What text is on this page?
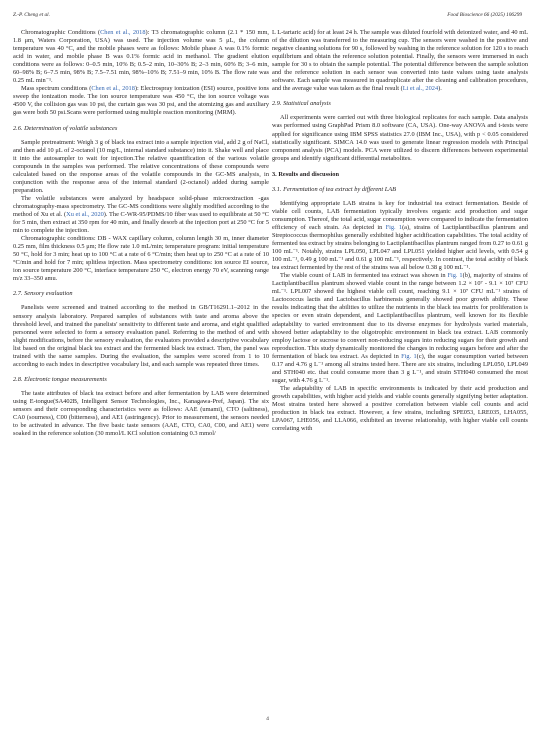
Z.-P. Cheng et al.	Food Bioscience 66 (2025) 106299

Chromatographic Conditions (Chen et al., 2018): T3 chromatographic column (2.1 * 150 mm, 1.8 μm, Waters Corporation, USA) was used. The injection volume was 5 μL, the column temperature was 40 °C, and the mobile phases were as follows: Mobile phase A was 0.1% formic acid in water, and mobile phase B was 0.1% formic acid in methanol. The gradient elution conditions were as follows: 0–0.5 min, 10% B; 0.5–2 min, 10–30% B; 2–3 min, 60% B; 3–6 min, 60–98% B; 6–7.5 min, 98% B; 7.5–7.51 min, 98%–10% B; 7.51–9 min, 10% B. The flow rate was 0.25 mL min⁻¹.

Mass spectrum conditions (Chen et al., 2018): Electrospray ionization (ESI) source, positive ions sweep the ionization mode. The ion source temperature was 450 °C, the ion source voltage was 4500 V, the collision gas was 10 psi, the curtain gas was 30 psi, and the atomizing gas and auxiliary gas were both 50 psi.Scans were performed using multiple reaction monitoring (MRM).

2.6. Determination of volatile substances

Sample pretreatment: Weigh 3 g of black tea extract into a sample injection vial, add 2 g of NaCl, and then add 10 μL of 2-octanol (10 mg/L, internal standard substance) into it. Shake well and place it into the autosampler to wait for injection.The relative quantification of the various volatile compounds in the samples was performed. The relative concentrations of these compounds were calculated based on the response areas of the volatile compounds in the GC-MS analysis, in conjunction with the response area of the internal standard (2-octanol) added during sample preparation.

The volatile substances were analyzed by headspace solid-phase microextraction -gas chromatography-mass spectrometry. The GC-MS conditions were slightly modified according to the method of Xu et al. (Xu et al., 2020). The C-WR-95/PDMS/10 fiber was used to equilibrate at 50 °C for 5 min, then extract at 350 rpm for 40 min, and finally desorb at the injection port at 250 °C for 5 min to complete the injection.

Chromatographic conditions: DB - WAX capillary column, column length 30 m, inner diameter 0.25 mm, film thickness 0.5 μm; He flow rate 1.0 mL/min; temperature program: initial temperature 50 °C, hold for 3 min; heat up to 100 °C at a rate of 6 °C/min; then heat up to 250 °C at a rate of 10 °C/min and hold for 7 min; splitless injection. Mass spectrometry conditions: ion source EI source, ion source temperature 200 °C, interface temperature 250 °C, electron energy 70 eV, scanning range m/z 33–350 amu.

2.7. Sensory evaluation

Panelists were screened and trained according to the method in GB/T16291.1–2012 in the sensory analysis laboratory. Prepared samples of substances with taste and aroma above the threshold level, and trained the panelists' sensitivity to different taste and aroma, and eight qualified personnel were selected to form a sensory evaluation panel. Referring to the method of and with slight modifications, before the sensory evaluation, the evaluators provided a descriptive vocabulary list based on the original black tea extract and the fermented black tea extract. Then, the panel was trained with the same samples. During the evaluation, the samples were scored from 1 to 10 according to each index in descriptive vocabulary list, and each sample was repeated three times.

2.8. Electronic tongue measurements

The taste attributes of black tea extract before and after fermentation by LAB were determined using E-tongue(SA402B, Intelligent Sensor Technologies, Inc., Kanagawa-Pref, Japan). The six sensors and their corresponding characteristics were as follows: AAE (umami), CTO (saltiness), CA0 (sourness), C00 (bitterness), and AE1 (astringency). Prior to measurement, the sensors needed to be activated in advance. The five basic taste sensors (AAE, CTO, CA0, C00, and AE1) were soaked in the reference solution (30 mmol/L KCl solution containing 0.3 mmol/

L L-tartaric acid) for at least 24 h. The sample was diluted fourfold with deionized water, and 40 mL of the dilution was transferred to the measuring cup. The sensors were washed in the positive and negative cleaning solutions for 90 s, followed by washing in the reference solution for 120 s to reach equilibrium and obtain the reference solution potential. Finally, the sensors were immersed in each sample for 30 s to obtain the sample potential. The potential difference between the sample solution and the reference solution in each sensor was converted into taste values using taste analysis software. Each sample was measured in quadruplicate after the cleaning and calibration procedures, and the average value was taken as the final result (Li et al., 2024).

2.9. Statistical analysis

All experiments were carried out with three biological replicates for each sample. Data analysis was performed using GraphPad Prism 8.0 software (CA, USA). One-way ANOVA and t-tests were applied for significance using IBM SPSS statistics 27.0 (IBM Inc., USA), with p < 0.05 considered statistically significant. SIMCA 14.0 was used to generate linear regression models with Principal component analysis (PCA) models. PCA were utilized to discern differences between experimental groups and identify significant differential metabolites.

3. Results and discussion
3.1. Fermentation of tea extract by different LAB

Identifying appropriate LAB strains is key for industrial tea extract fermentation. Beside of viable cell counts, LAB fermentation typically involves organic acid production and sugar consumption. Thereof, the total acid, sugar consumption were compared to indicate the fermentation efficiency of each strain. As depicted in Fig. 1(a), strains of Lactiplantibacillus plantrum and Streptococcus thermophilus generally exhibited higher acidification capabilities. The total acidity of fermented tea extract by strains belonging to Lactiplantibacillus plantrum ranged from 0.27 to 0.61 g 100 mL⁻¹. Notably, strains LPL050, LPL047 and LPL051 yielded higher acid levels, with 0.54 g 100 mL⁻¹, 0.49 g 100 mL⁻¹ and 0.61 g 100 mL⁻¹, respectively. In contrast, the total acidity of black tea extract fermented by the rest of the strains was all below 0.38 g 100 mL⁻¹.

The viable count of LAB in fermented tea extract was shown in Fig. 1(b), majority of strains of Lactiplantibacillus plantrum showed viable count in the range between 1.2 × 10⁷ - 9.1 × 10⁷ CFU mL⁻¹. LPL007 showed the highest viable cell count, reaching 9.1 × 10⁷ CFU mL⁻¹ strains of Lactococcus lactis and Lactobacillus harbinensis generally showed poor growth ability. These results indicating that the abilities to utilize the nutrients in the black tea matrix for proliferation is species or even strain dependent, and Lactiplantibacillus plantrum, well known for its flexible adaptability to varied environment due to its diverse enzymes for hydrolysis varied materials, showed better adaptability to the oligotrophic environment in black tea extract. LAB commonly employ lactose or sucrose to convert non-reducing sugars into reducing sugars for their growth and reproduction. This study dynamically monitored the changes in reducing sugars before and after the fermentation of black tea extract. As depicted in Fig. 1(c), the sugar consumption varied between 0.17 and 4.76 g L⁻¹ among all strains tested here. There are six strains, including LPL050, LPL049 and STH040 etc. that could consume more than 3 g L⁻¹, and strain STH040 consumed the most sugar, with 4.76 g L⁻¹.

The adaptability of LAB in specific environments is indicated by their acid production and growth capabilities, with higher acid yields and viable counts generally signifying better adaptation. Most strains tested here showed a positive correlation between viable cell counts and acid production in black tea extract. However, a few strains, including SPE053, LRE035, LHA055, LPA067, LHE056, and LLA066, exhibited an inverse relationship, with higher viable cell counts correlating with

4
